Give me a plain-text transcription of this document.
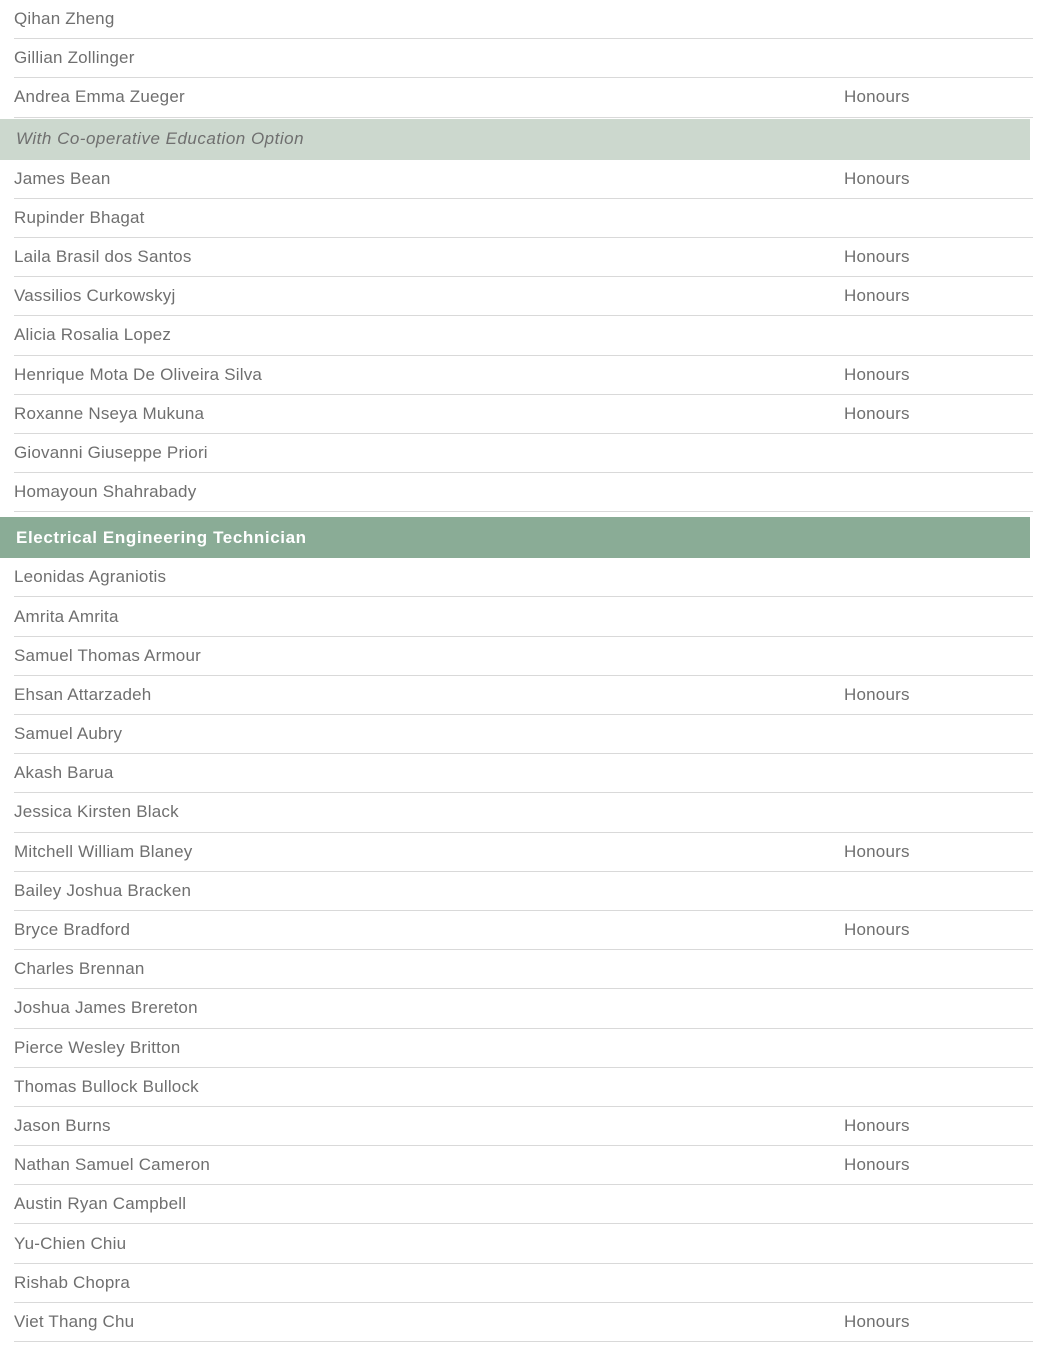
Qihan Zheng
Gillian Zollinger
Andrea Emma Zueger	Honours
With Co-operative Education Option
James Bean	Honours
Rupinder Bhagat
Laila Brasil dos Santos	Honours
Vassilios Curkowskyj	Honours
Alicia Rosalia Lopez
Henrique Mota De Oliveira Silva	Honours
Roxanne Nseya Mukuna	Honours
Giovanni Giuseppe Priori
Homayoun Shahrabady
Electrical Engineering Technician
Leonidas Agraniotis
Amrita Amrita
Samuel Thomas Armour
Ehsan Attarzadeh	Honours
Samuel Aubry
Akash Barua
Jessica Kirsten Black
Mitchell William Blaney	Honours
Bailey Joshua Bracken
Bryce Bradford	Honours
Charles Brennan
Joshua James Brereton
Pierce Wesley Britton
Thomas Bullock Bullock
Jason Burns	Honours
Nathan Samuel Cameron	Honours
Austin Ryan Campbell
Yu-Chien Chiu
Rishab Chopra
Viet Thang Chu	Honours
